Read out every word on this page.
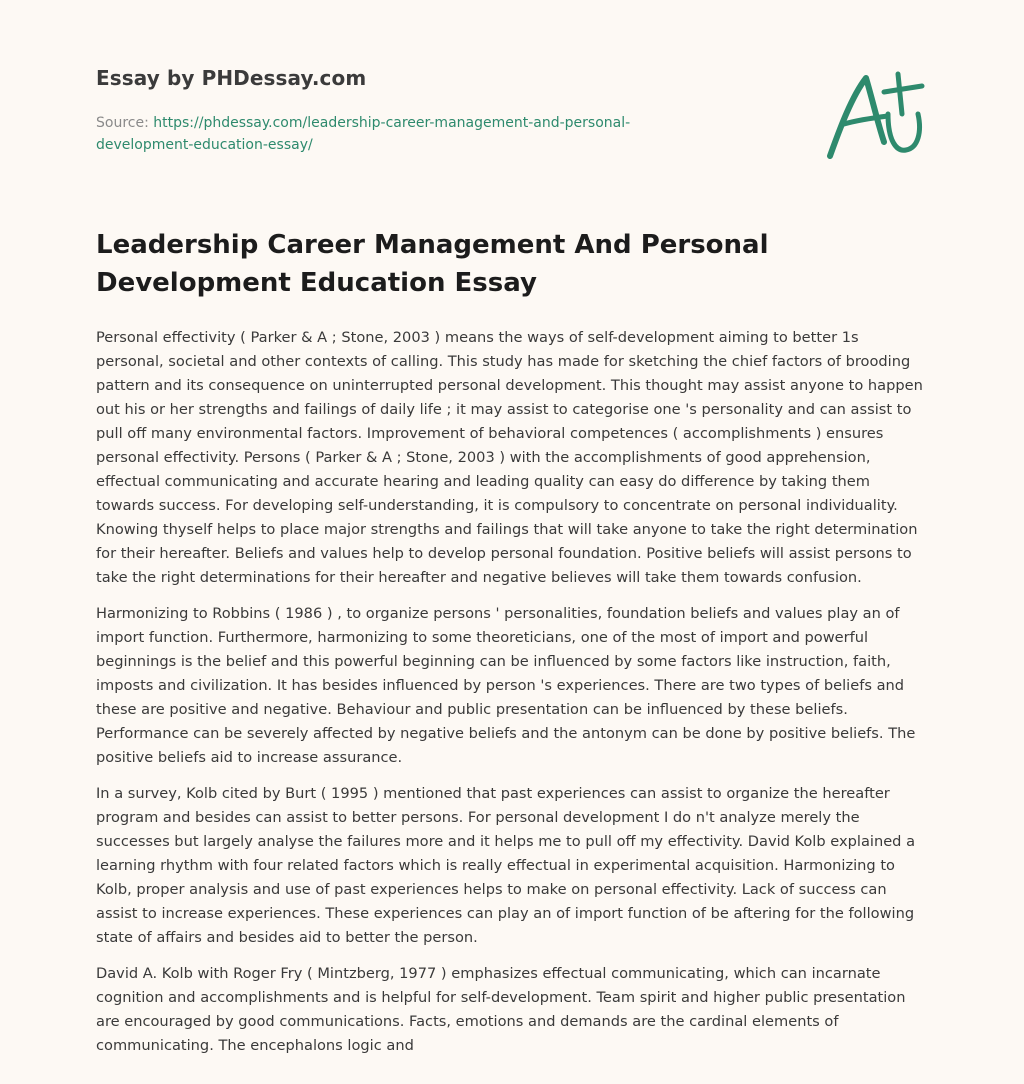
Essay by PHDessay.com
Source: https://phdessay.com/leadership-career-management-and-personal-development-education-essay/
Leadership Career Management And Personal Development Education Essay

Personal effectivity ( Parker & A ; Stone, 2003 ) means the ways of self-development aiming to better 1s personal, societal and other contexts of calling. This study has made for sketching the chief factors of brooding pattern and its consequence on uninterrupted personal development. This thought may assist anyone to happen out his or her strengths and failings of daily life ; it may assist to categorise one 's personality and can assist to pull off many environmental factors. Improvement of behavioral competences ( accomplishments ) ensures personal effectivity. Persons ( Parker & A ; Stone, 2003 ) with the accomplishments of good apprehension, effectual communicating and accurate hearing and leading quality can easy do difference by taking them towards success. For developing self-understanding, it is compulsory to concentrate on personal individuality. Knowing thyself helps to place major strengths and failings that will take anyone to take the right determination for their hereafter. Beliefs and values help to develop personal foundation. Positive beliefs will assist persons to take the right determinations for their hereafter and negative believes will take them towards confusion.

Harmonizing to Robbins ( 1986 ) , to organize persons ' personalities, foundation beliefs and values play an of import function. Furthermore, harmonizing to some theoreticians, one of the most of import and powerful beginnings is the belief and this powerful beginning can be influenced by some factors like instruction, faith, imposts and civilization. It has besides influenced by person 's experiences. There are two types of beliefs and these are positive and negative. Behaviour and public presentation can be influenced by these beliefs. Performance can be severely affected by negative beliefs and the antonym can be done by positive beliefs. The positive beliefs aid to increase assurance.

In a survey, Kolb cited by Burt ( 1995 ) mentioned that past experiences can assist to organize the hereafter program and besides can assist to better persons. For personal development I do n't analyze merely the successes but largely analyse the failures more and it helps me to pull off my effectivity. David Kolb explained a learning rhythm with four related factors which is really effectual in experimental acquisition. Harmonizing to Kolb, proper analysis and use of past experiences helps to make on personal effectivity. Lack of success can assist to increase experiences. These experiences can play an of import function of be aftering for the following state of affairs and besides aid to better the person.

David A. Kolb with Roger Fry ( Mintzberg, 1977 ) emphasizes effectual communicating, which can incarnate cognition and accomplishments and is helpful for self-development. Team spirit and higher public presentation are encouraged by good communications. Facts, emotions and demands are the cardinal elements of communicating. The encephalons logic and
